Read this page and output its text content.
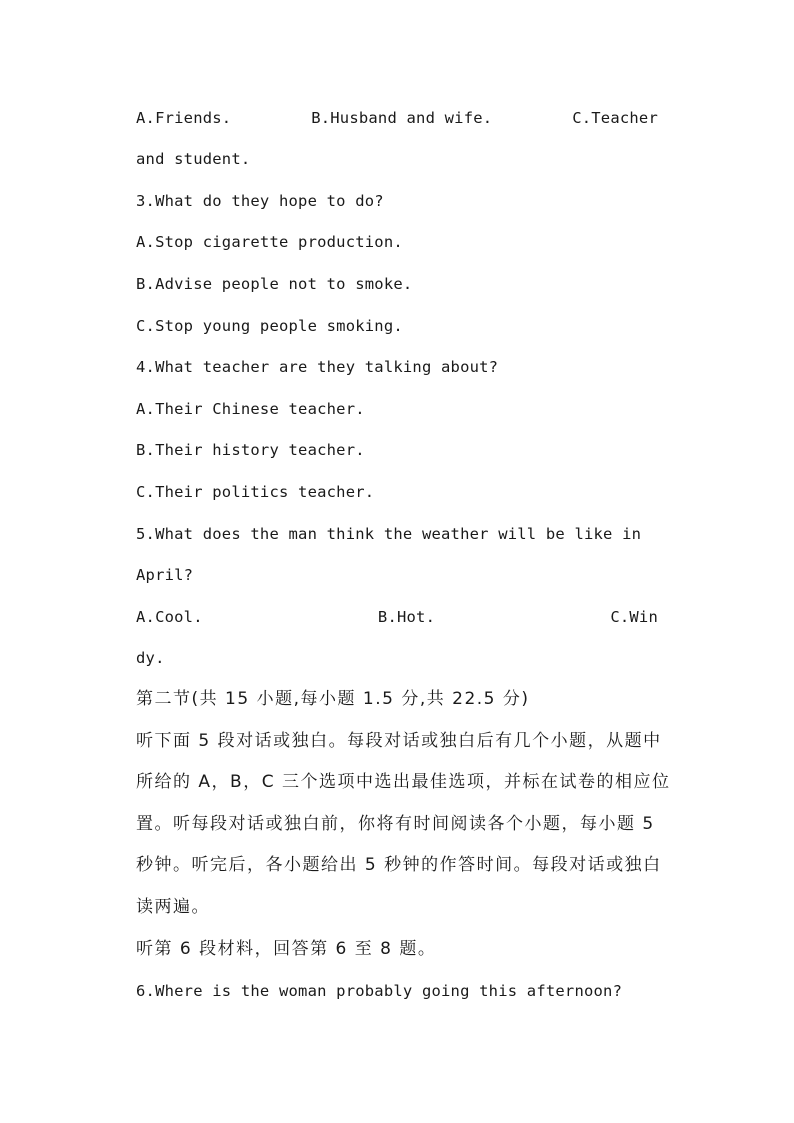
A.Friends.	B.Husband and wife.	C.Teacher
and student.
3.What do they hope to do?
A.Stop cigarette production.
B.Advise people not to smoke.
C.Stop young people smoking.
4.What teacher are they talking about?
A.Their Chinese teacher.
B.Their history teacher.
C.Their politics teacher.
5.What does the man think the weather will be like in
April?
A.Cool.	B.Hot.	C.Win
dy.
第二节(共 15 小题,每小题 1.5 分,共 22.5 分)
听下面 5 段对话或独白。每段对话或独白后有几个小题，从题中
所给的 A，B，C 三个选项中选出最佳选项，并标在试卷的相应位
置。听每段对话或独白前，你将有时间阅读各个小题，每小题 5
秒钟。听完后，各小题给出 5 秒钟的作答时间。每段对话或独白
读两遍。
听第 6 段材料，回答第 6 至 8 题。
6.Where is the woman probably going this afternoon?
